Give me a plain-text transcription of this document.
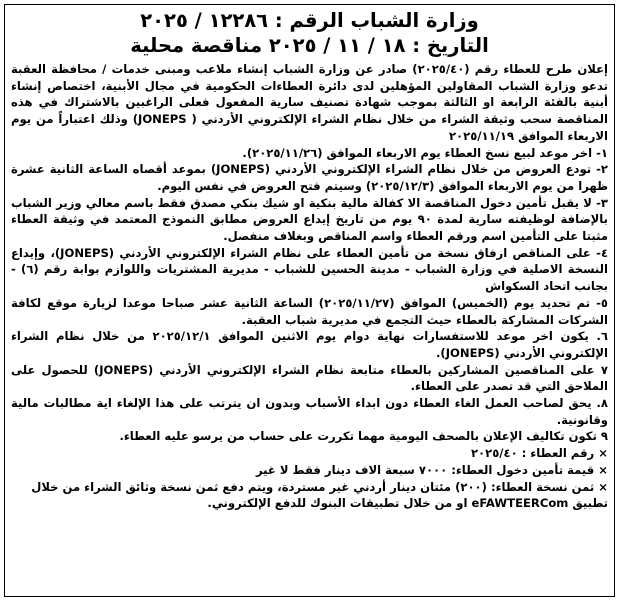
وزارة الشباب الرقم : ١٢٢٨٦ / ٢٠٢٥
التاريخ : ١٨ / ١١ / ٢٠٢٥ مناقصة محلية

إعلان طرح للعطاء رقم (٢٠٢٥/٤٠) صادر عن وزارة الشباب إنشاء ملاعب ومبنى خدمات / محافظة العقبة تدعو وزارة الشباب المقاولين المؤهلين لدى دائرة العطاءات الحكومية في مجال الأبنية، اختصاص إنشاء أبنية بالفئة الرابعة او الثالثة بموجب شهادة تصنيف سارية المفعول فعلى الراغبين بالاشتراك في هذه المناقصة سحب وثيقة الشراء من خلال نظام الشراء الإلكتروني الأردني ( JONEPS) وذلك اعتباراً من يوم الاربعاء الموافق ٢٠٢٥/١١/١٩

١- اخر موعد لبيع نسخ العطاء يوم الاربعاء الموافق (٢٠٢٥/١١/٢٦).

٢- تودع العروض من خلال نظام الشراء الإلكتروني الأردني (JONEPS) بموعد أقصاه الساعة الثانية عشرة ظهرا من يوم الاربعاء الموافق (٢٠٢٥/١٢/٣) وسيتم فتح العروض في نفس اليوم.

٣- لا يقبل تأمين دخول المناقصة الا كفالة مالية بنكية او شيك بنكي مصدق فقط باسم معالي وزير الشباب بالإضافة لوظيفته سارية لمدة ٩٠ يوم من تاريخ إيداع العروض مطابق النموذج المعتمد في وثيقة العطاء مثبتا على التأمين اسم ورقم العطاء واسم المناقص وبغلاف منفصل.

٤- على المناقص ارفاق نسخة من تأمين العطاء على نظام الشراء الإلكتروني الأردني (JONEPS)، وإيداع النسخة الاصلية في وزارة الشباب - مدينة الحسين للشباب - مديرية المشتريات واللوازم بوابة رقم (٦) - بجانب اتحاد السكواش

٥- تم تحديد يوم (الخميس) الموافق (٢٠٢٥/١١/٢٧) الساعة الثانية عشر صباحا موعدا لزيارة موقع لكافة الشركات المشاركة بالعطاء حيث التجمع في مديرية شباب العقبة.

٦. يكون اخر موعد للاستفسارات نهاية دوام يوم الاثنين الموافق ٢٠٢٥/١٢/١ من خلال نظام الشراء الإلكتروني الأردني (JONEPS).

٧ على المناقصين المشاركين بالعطاء متابعة نظام الشراء الإلكتروني الأردني (JONEPS) للحصول على الملاحق التي قد تصدر على العطاء.

٨. يحق لصاحب العمل الغاء العطاء دون ابداء الأسباب وبدون ان يترتب على هذا الإلغاء اية مطالبات مالية وقانونية.

٩ تكون تكاليف الإعلان بالصحف اليومية مهما تكررت على حساب من يرسو عليه العطاء.

× رقم العطاء : ٢٠٢٥/٤٠

× قيمة تأمين دخول العطاء: ٧٠٠٠ سبعة الاف دينار فقط لا غير

× ثمن نسخة العطاء: (٢٠٠) مئتان دينار أردني غير مستردة، ويتم دفع ثمن نسخة وثائق الشراء من خلال تطبيق eFAWTEERCom او من خلال تطبيقات البنوك للدفع الإلكتروني.
